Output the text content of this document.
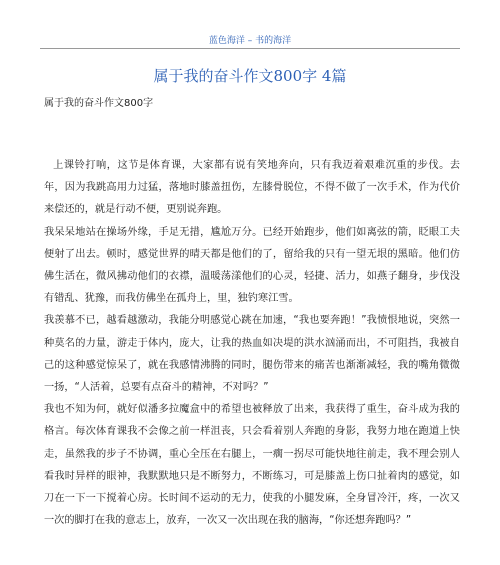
蓝色海洋 – 书的海洋
属于我的奋斗作文800字 4篇
属于我的奋斗作文800字

上课铃打响，这节是体育课，大家都有说有笑地奔向，只有我迈着艰难沉重的步伐。去年，因为我跳高用力过猛，落地时膝盖扭伤，左膝骨脱位，不得不做了一次手术，作为代价来偿还的，就是行动不便，更别说奔跑。

我呆呆地站在操场外缘，手足无措，尴尬万分。已经开始跑步，他们如离弦的箭，眨眼工夫便射了出去。顿时，感觉世界的晴天都是他们的了，留给我的只有一望无垠的黑暗。他们仿佛生活在，微风拂动他们的衣襟，温暖荡漾他们的心灵，轻捷、活力，如燕子翻身，步伐没有错乱、犹豫，而我仿佛坐在孤舟上，里，独钓寒江雪。

我羡慕不已，越看越激动，我能分明感觉心跳在加速，“我也要奔跑！”我愤恨地说，突然一种莫名的力量，游走于体内，庞大，让我的热血如决堤的洪水汹涌而出，不可阻挡，我被自己的这种感觉惊呆了，就在我感情沸腾的同时，腿伤带来的痛苦也渐渐减轻，我的嘴角微微一扬，“人活着，总要有点奋斗的精神，不对吗？”

我也不知为何，就好似潘多拉魔盒中的希望也被释放了出来，我获得了重生，奋斗成为我的格言。每次体育课我不会像之前一样沮丧，只会看着别人奔跑的身影，我努力地在跑道上快走，虽然我的步子不协调，重心全压在右腿上，一瘸一拐尽可能快地往前走，我不理会别人看我时异样的眼神，我默默地只是不断努力，不断练习，可是膝盖上伤口扯着肉的感觉，如刀在一下一下搅着心房。长时间不运动的无力，使我的小腿发麻，全身冒冷汗，疼，一次又一次的脚打在我的意志上，放弃，一次又一次出现在我的脑海，“你还想奔跑吗？”
